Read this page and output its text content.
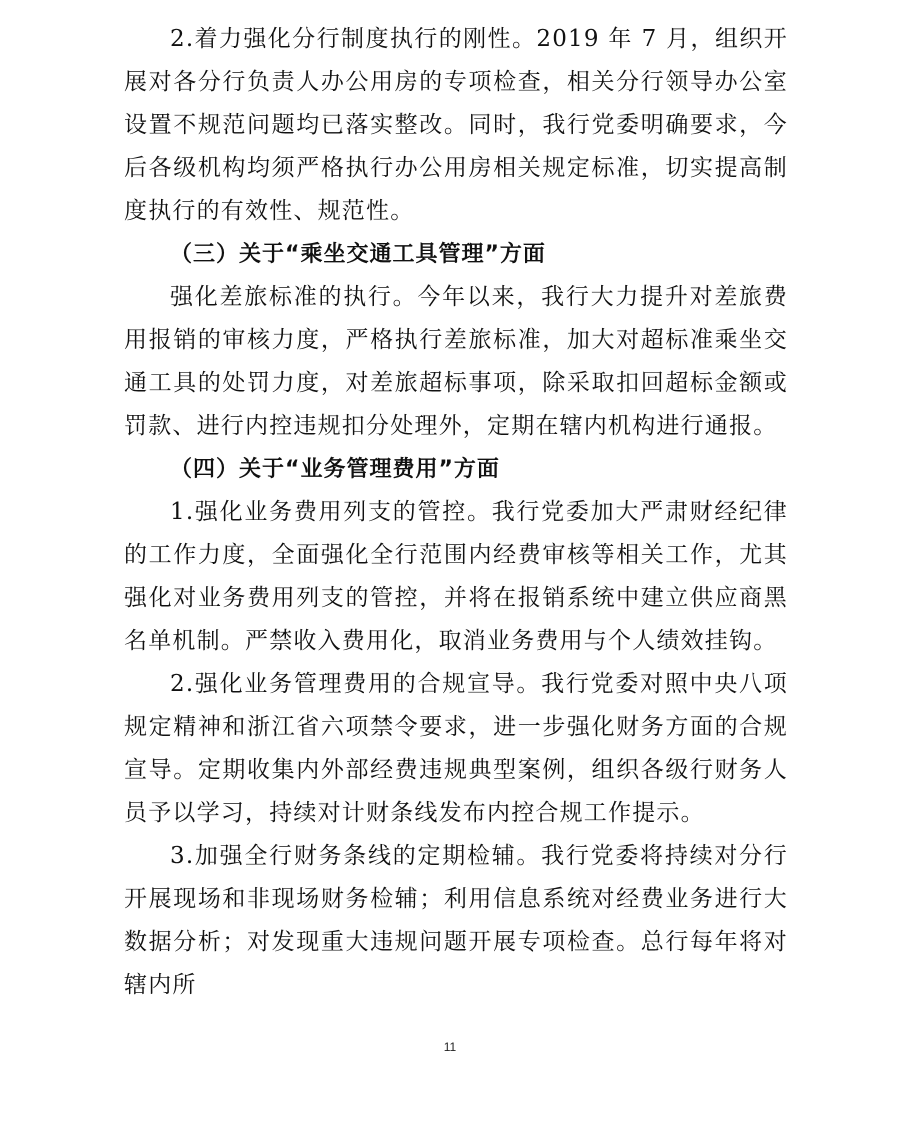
2.着力强化分行制度执行的刚性。2019 年 7 月，组织开展对各分行负责人办公用房的专项检查，相关分行领导办公室设置不规范问题均已落实整改。同时，我行党委明确要求，今后各级机构均须严格执行办公用房相关规定标准，切实提高制度执行的有效性、规范性。

（三）关于“乘坐交通工具管理”方面

强化差旅标准的执行。今年以来，我行大力提升对差旅费用报销的审核力度，严格执行差旅标准，加大对超标准乘坐交通工具的处罚力度，对差旅超标事项，除采取扣回超标金额或罚款、进行内控违规扣分处理外，定期在辖内机构进行通报。

（四）关于“业务管理费用”方面

1.强化业务费用列支的管控。我行党委加大严肃财经纪律的工作力度，全面强化全行范围内经费审核等相关工作，尤其强化对业务费用列支的管控，并将在报销系统中建立供应商黑名单机制。严禁收入费用化，取消业务费用与个人绩效挂钩。

2.强化业务管理费用的合规宣导。我行党委对照中央八项规定精神和浙江省六项禁令要求，进一步强化财务方面的合规宣导。定期收集内外部经费违规典型案例，组织各级行财务人员予以学习，持续对计财条线发布内控合规工作提示。

3.加强全行财务条线的定期检辅。我行党委将持续对分行开展现场和非现场财务检辅；利用信息系统对经费业务进行大数据分析；对发现重大违规问题开展专项检查。总行每年将对辖内所

11
